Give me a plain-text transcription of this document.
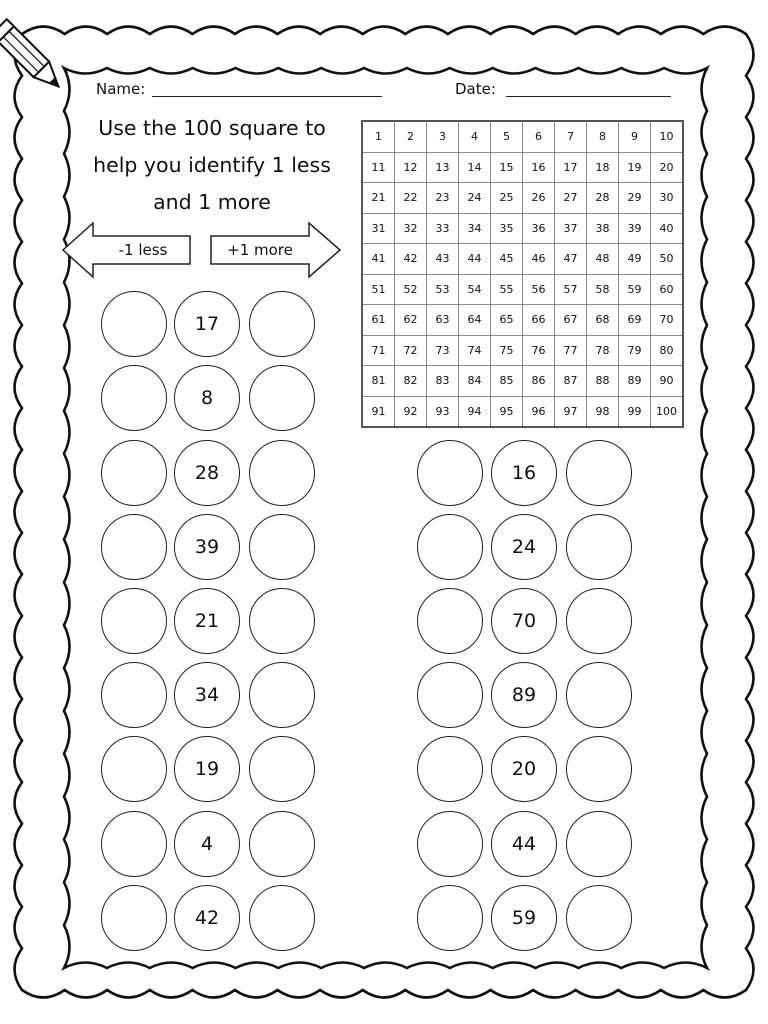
Name:	Date:
Use the 100 square to
help you identify 1 less
and 1 more
-1 less	+1 more
1	2	3	4	5	6	7	8	9	10
11	12	13	14	15	16	17	18	19	20
21	22	23	24	25	26	27	28	29	30
31	32	33	34	35	36	37	38	39	40
41	42	43	44	45	46	47	48	49	50
51	52	53	54	55	56	57	58	59	60
61	62	63	64	65	66	67	68	69	70
71	72	73	74	75	76	77	78	79	80
81	82	83	84	85	86	87	88	89	90
91	92	93	94	95	96	97	98	99	100
17
8
28
39
21
34
19
4
42
16
24
70
89
20
44
59
